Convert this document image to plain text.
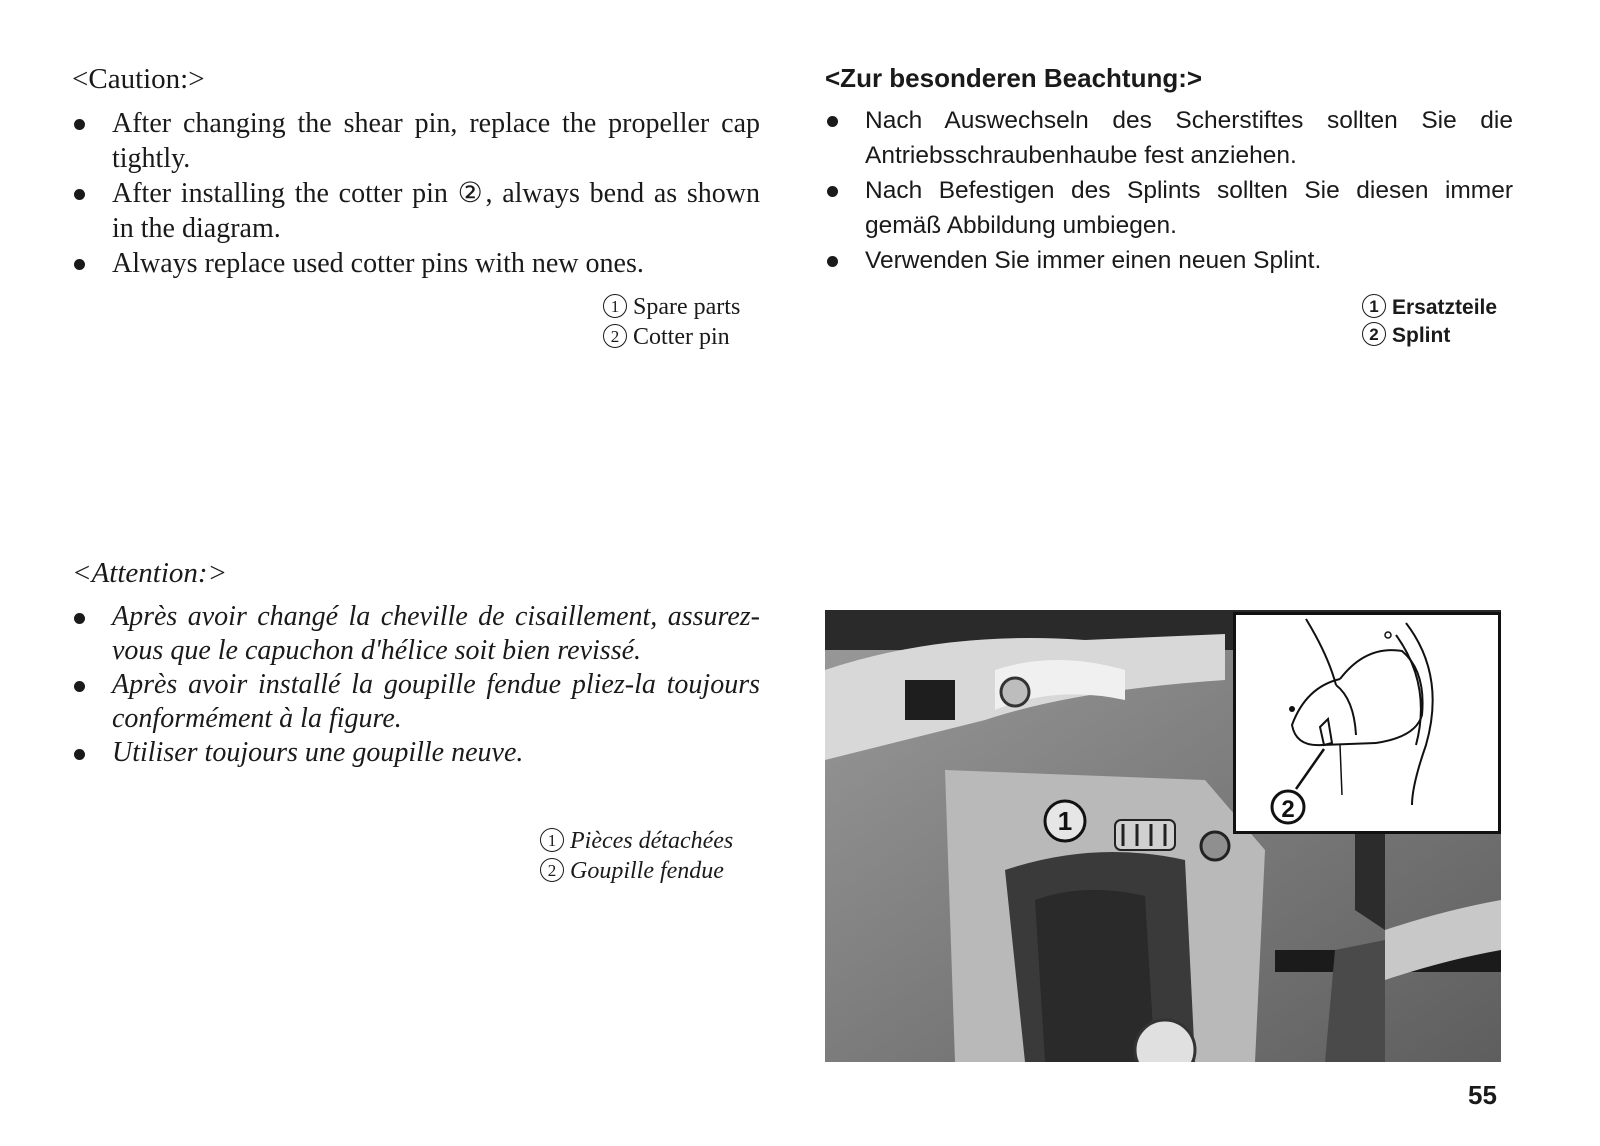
<Caution:>
After changing the shear pin, replace the propeller cap tightly.
After installing the cotter pin ②, always bend as shown in the diagram.
Always replace used cotter pins with new ones.
1 Spare parts
2 Cotter pin
<Zur besonderen Beachtung:>
Nach Auswechseln des Scherstiftes sollten Sie die Antriebsschraubenhaube fest anziehen.
Nach Befestigen des Splints sollten Sie diesen immer gemäß Abbildung umbiegen.
Verwenden Sie immer einen neuen Splint.
1 Ersatzteile
2 Splint
<Attention:>
Après avoir changé la cheville de cisaillement, assurez-vous que le capuchon d'hélice soit bien revissé.
Après avoir installé la goupille fendue pliez-la toujours conformément à la figure.
Utiliser toujours une goupille neuve.
1 Pièces détachées
2 Goupille fendue
1	2
55
